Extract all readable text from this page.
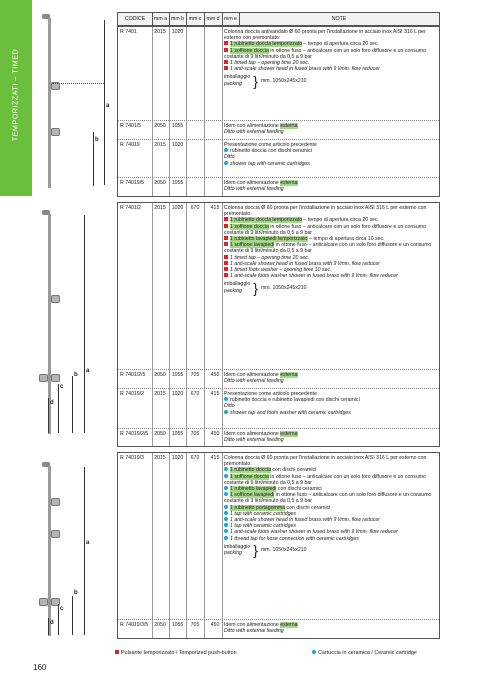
TEMPORIZZATI – TIMED
CODICE	mm a mm b mm c mm d mm e	NOTE
R 7401	2015	1020	Colonna doccia antivandalo Ø 60 pronta per l'installazione in acciaio inox AISI 316 L per esterno con premontato:
1 rubinetto doccia temporizzato – tempo di apertura circa 20 sec.
1 soffione doccia in ottone fuso – anticalcare con un solo foro diffusore e un consumo costante di 9 litri/minuto da 0,5 a 9 bar
1 timed tap – opening time 20 sec.
1 anti-scale shower head in fused brass with 9 l/min. flow reducer
imballaggio
packing } mm. 1050x245x210
R 7401/5	2050	1055	Idem con alimentazione esterna
Ditto with external feeding
R 74019	2015	1020	Presentazione come articolo precedente
rubinetto doccia con dischi ceramici
Ditto
shower tap with ceramic cartridges
R 74019/5 2050	1055	Idem con alimentazione esterna
Ditto with external feeding
R 7401/2	2015	1020	670	415 Colonna doccia Ø 60 pronta per l'installazione in acciaio inox AISI 316 L per esterno con premontato:
1 rubinetto doccia temporizzato – tempo di apertura circa 20 sec.
1 soffione doccia in ottone fuso – anticalcare con un solo foro diffusore e un consumo costante di 9 litri/minuto da 0,5 a 9 bar
1 rubinetto lavapiedi temporizzato – tempo di apertura circa 10 sec.
1 soffione lavapiedi in ottone fuso – anticalcare con un solo foro diffusore e un consumo costante di 9 litri/minuto da 0,5 a 9 bar
1 timed tap – opening time 20 sec.
1 anti-scale shower head in fused brass with 9 l/min. flow reducer
1 timed foots washer – opening time 10 sec.
1 anti-scale foots washer shower in fused brass with 9 l/min. flow reducer
imballaggio
packing } mm. 1050x245x210
R 7401/2/5 2050	1055	705	450 Idem con alimentazione esterna
Ditto with external feeding
R 74019/2 2015	1020	670	415 Presentazione come articolo precedente
rubinetto doccia e rubinetto lavapiedi con dischi ceramici
Ditto
shower tap and foots washer with ceramic cartridges
R 74019/2/5 2050	1055	705	450 Idem con alimentazione esterna
Ditto with external feeding
R 74019/3 2015	1020	670	415 Colonna doccia Ø 60 pronta per l'installazione in acciaio inox AISI 316 L per esterno con premontato:
1 rubinetto doccia con dischi ceramici
1 soffione doccia in ottone fuso – anticalcare con un solo foro diffusore e un consumo costante di 9 litri/minuto da 0,5 a 9 bar
1 rubinetto lavapiedi con dischi ceramici
1 soffione lavapiedi in ottone fuso – anticalcare con un solo foro diffusore e un consumo costante di 9 litri/minuto da 0,5 a 9 bar
1 rubinetto portagomma con dischi ceramici
1 tap with ceramic cartridges
1 anti-scale shower head in fused brass with 9 l/min. flow reducer
1 tap with ceramic cartridges
1 anti-scale foots washer shower in fused brass with 9 l/min. flow reducer
1 thread tap for hose connection with ceramic cartridges
imballaggio
packing } mm. 1050x245x210
R 74019/3/5 2050	1055	705	450 Idem con alimentazione esterna
Ditto with external feeding
a
b
a
b
c
d
a
b
c
d
Pulsante temporizzato / Temporized push-button	Cartuccia in ceramica / Ceramic cartridge
160
